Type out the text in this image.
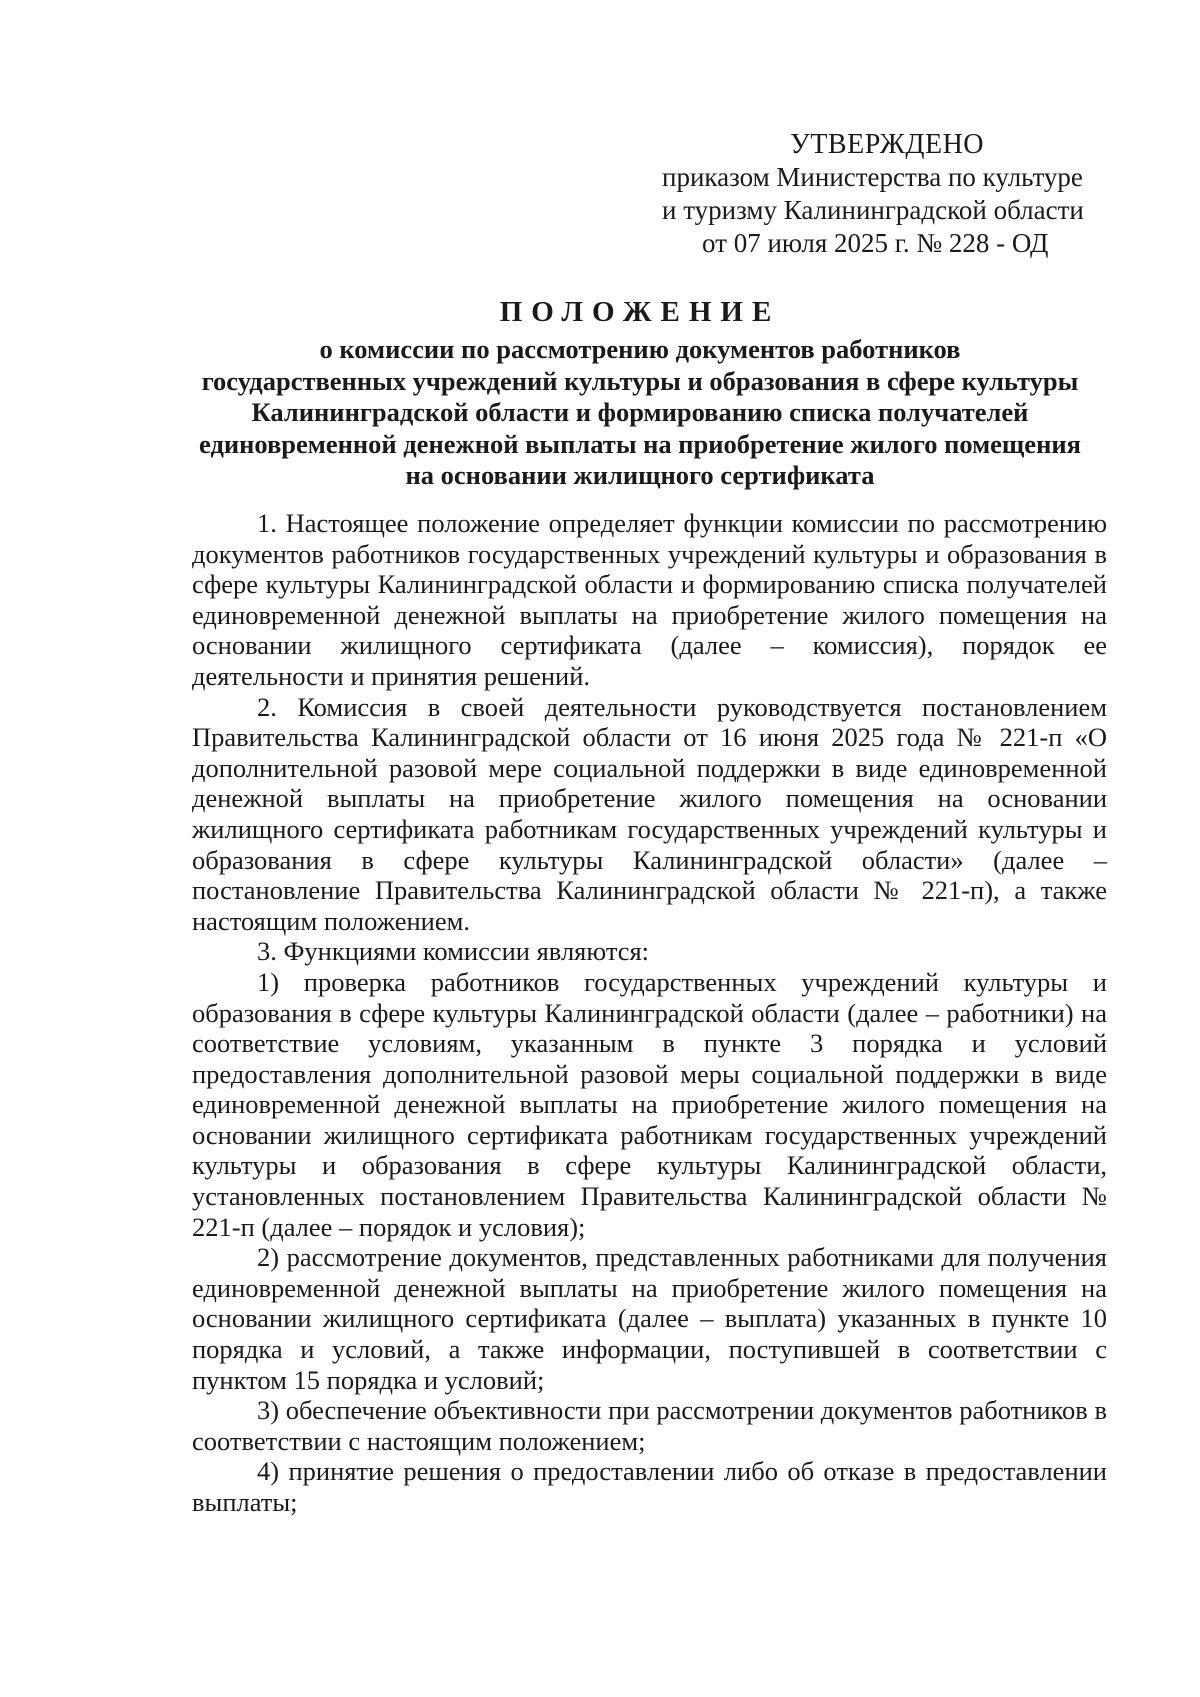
УТВЕРЖДЕНО
приказом Министерства по культуре
и туризму Калининградской области
от 07 июля 2025 г. № 228 - ОД
ПОЛОЖЕНИЕ
о комиссии по рассмотрению документов работников
государственных учреждений культуры и образования в сфере культуры
Калининградской области и формированию списка получателей
единовременной денежной выплаты на приобретение жилого помещения
на основании жилищного сертификата

1. Настоящее положение определяет функции комиссии по рассмотрению документов работников государственных учреждений культуры и образования в сфере культуры Калининградской области и формированию списка получателей единовременной денежной выплаты на приобретение жилого помещения на основании жилищного сертификата (далее – комиссия), порядок ее деятельности и принятия решений.

2. Комиссия в своей деятельности руководствуется постановлением Правительства Калининградской области от 16 июня 2025 года № 221-п «О дополнительной разовой мере социальной поддержки в виде единовременной денежной выплаты на приобретение жилого помещения на основании жилищного сертификата работникам государственных учреждений культуры и образования в сфере культуры Калининградской области» (далее – постановление Правительства Калининградской области № 221-п), а также настоящим положением.

3. Функциями комиссии являются:

1) проверка работников государственных учреждений культуры и образования в сфере культуры Калининградской области (далее – работники) на соответствие условиям, указанным в пункте 3 порядка и условий предоставления дополнительной разовой меры социальной поддержки в виде единовременной денежной выплаты на приобретение жилого помещения на основании жилищного сертификата работникам государственных учреждений культуры и образования в сфере культуры Калининградской области, установленных постановлением Правительства Калининградской области № 221-п (далее – порядок и условия);

2) рассмотрение документов, представленных работниками для получения единовременной денежной выплаты на приобретение жилого помещения на основании жилищного сертификата (далее – выплата) указанных в пункте 10 порядка и условий, а также информации, поступившей в соответствии с пунктом 15 порядка и условий;

3) обеспечение объективности при рассмотрении документов работников в соответствии с настоящим положением;

4) принятие решения о предоставлении либо об отказе в предоставлении выплаты;
